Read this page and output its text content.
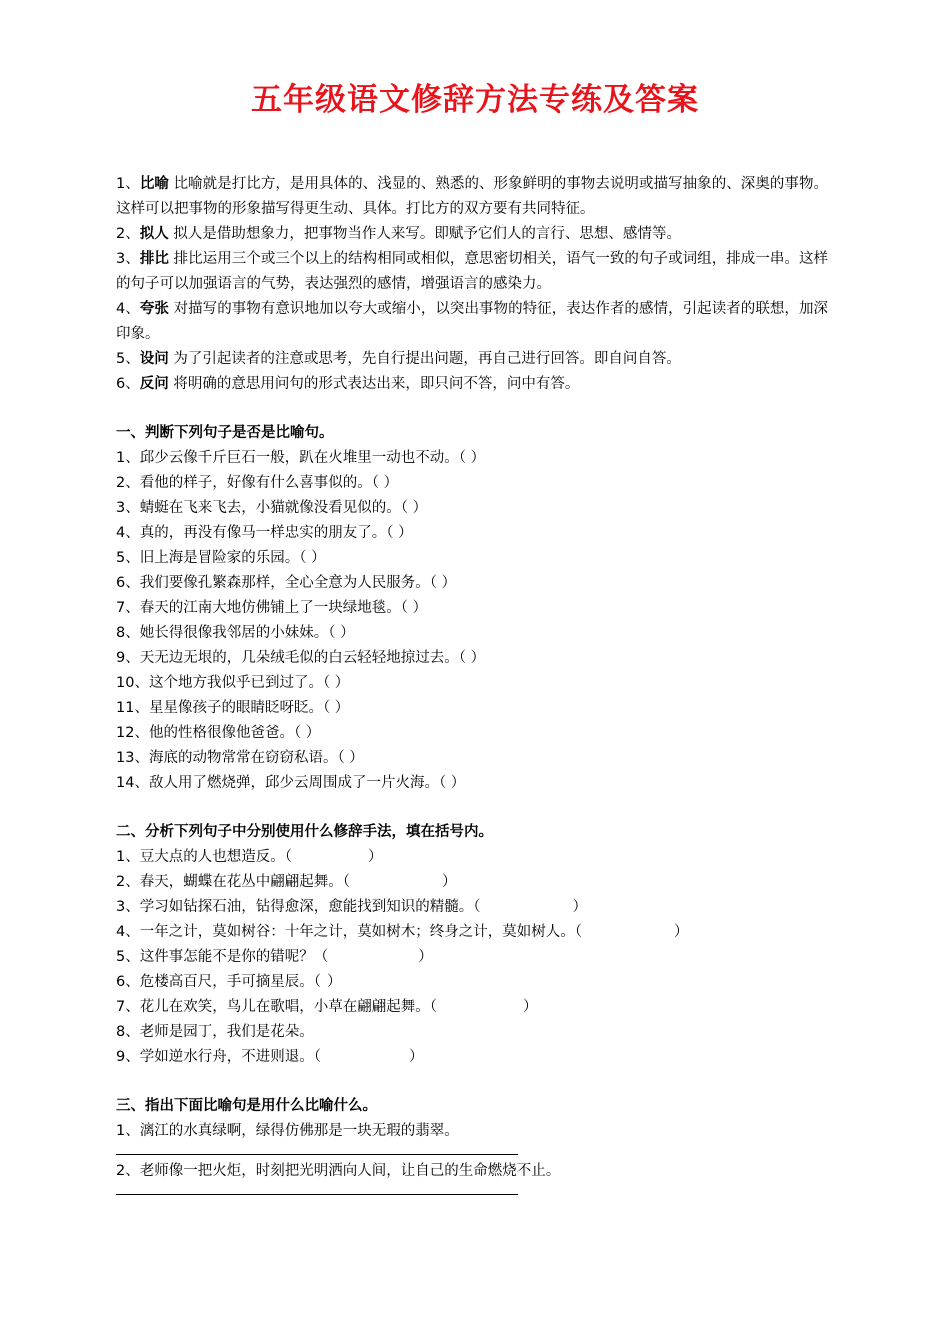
五年级语文修辞方法专练及答案

1、比喻 比喻就是打比方，是用具体的、浅显的、熟悉的、形象鲜明的事物去说明或描写抽象的、深奥的事物。这样可以把事物的形象描写得更生动、具体。打比方的双方要有共同特征。

2、拟人 拟人是借助想象力，把事物当作人来写。即赋予它们人的言行、思想、感情等。

3、排比 排比运用三个或三个以上的结构相同或相似，意思密切相关，语气一致的句子或词组，排成一串。这样的句子可以加强语言的气势，表达强烈的感情，增强语言的感染力。

4、夸张 对描写的事物有意识地加以夸大或缩小，以突出事物的特征，表达作者的感情，引起读者的联想，加深印象。

5、设问 为了引起读者的注意或思考，先自行提出问题，再自己进行回答。即自问自答。

6、反问 将明确的意思用问句的形式表达出来，即只问不答，问中有答。

一、判断下列句子是否是比喻句。

1、邱少云像千斤巨石一般，趴在火堆里一动也不动。（ ）

2、看他的样子，好像有什么喜事似的。（ ）

3、蜻蜓在飞来飞去，小猫就像没看见似的。（ ）

4、真的，再没有像马一样忠实的朋友了。（ ）

5、旧上海是冒险家的乐园。（ ）

6、我们要像孔繁森那样，全心全意为人民服务。（ ）

7、春天的江南大地仿佛铺上了一块绿地毯。（ ）

8、她长得很像我邻居的小妹妹。（ ）

9、天无边无垠的，几朵绒毛似的白云轻轻地掠过去。（ ）

10、这个地方我似乎已到过了。（ ）

11、星星像孩子的眼睛眨呀眨。（ ）

12、他的性格很像他爸爸。（ ）

13、海底的动物常常在窃窃私语。（ ）

14、敌人用了燃烧弹，邱少云周围成了一片火海。（ ）

二、分析下列句子中分别使用什么修辞手法，填在括号内。

1、豆大点的人也想造反。（	）

2、春天，蝴蝶在花丛中翩翩起舞。（	）

3、学习如钻探石油，钻得愈深，愈能找到知识的精髓。（	）

4、一年之计，莫如树谷：十年之计，莫如树木；终身之计，莫如树人。（	）

5、这件事怎能不是你的错呢？（	）

6、危楼高百尺，手可摘星辰。（ ）

7、花儿在欢笑，鸟儿在歌唱，小草在翩翩起舞。（	）

8、老师是园丁，我们是花朵。

9、学如逆水行舟，不进则退。（	）

三、指出下面比喻句是用什么比喻什么。

1、漓江的水真绿啊，绿得仿佛那是一块无瑕的翡翠。

2、老师像一把火炬，时刻把光明洒向人间，让自己的生命燃烧不止。
